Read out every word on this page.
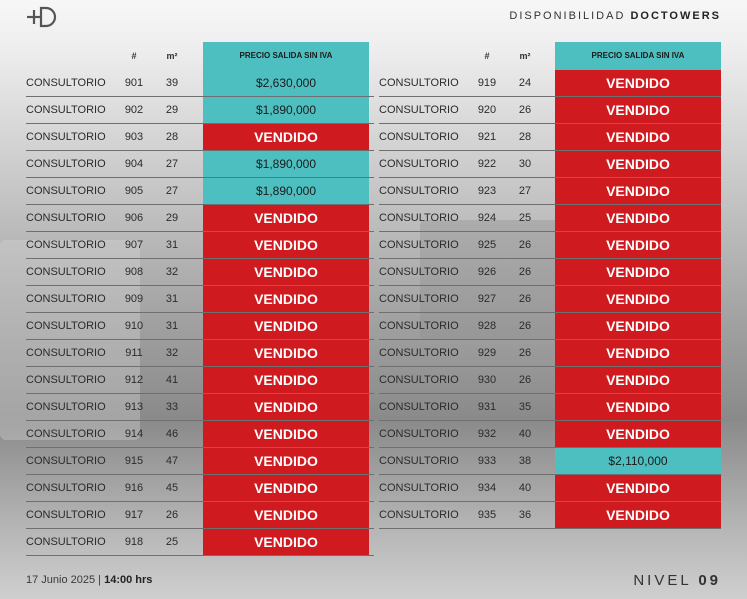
DISPONIBILIDAD DOCTOWERS
#	m²	PRECIO SALIDA SIN IVA
CONSULTORIO	901	39	$2,630,000
CONSULTORIO	902	29	$1,890,000
CONSULTORIO	903	28	VENDIDO
CONSULTORIO	904	27	$1,890,000
CONSULTORIO	905	27	$1,890,000
CONSULTORIO	906	29	VENDIDO
CONSULTORIO	907	31	VENDIDO
CONSULTORIO	908	32	VENDIDO
CONSULTORIO	909	31	VENDIDO
CONSULTORIO	910	31	VENDIDO
CONSULTORIO	911	32	VENDIDO
CONSULTORIO	912	41	VENDIDO
CONSULTORIO	913	33	VENDIDO
CONSULTORIO	914	46	VENDIDO
CONSULTORIO	915	47	VENDIDO
CONSULTORIO	916	45	VENDIDO
CONSULTORIO	917	26	VENDIDO
CONSULTORIO	918	25	VENDIDO
#	m²	PRECIO SALIDA SIN IVA
CONSULTORIO	919	24	VENDIDO
CONSULTORIO	920	26	VENDIDO
CONSULTORIO	921	28	VENDIDO
CONSULTORIO	922	30	VENDIDO
CONSULTORIO	923	27	VENDIDO
CONSULTORIO	924	25	VENDIDO
CONSULTORIO	925	26	VENDIDO
CONSULTORIO	926	26	VENDIDO
CONSULTORIO	927	26	VENDIDO
CONSULTORIO	928	26	VENDIDO
CONSULTORIO	929	26	VENDIDO
CONSULTORIO	930	26	VENDIDO
CONSULTORIO	931	35	VENDIDO
CONSULTORIO	932	40	VENDIDO
CONSULTORIO	933	38	$2,110,000
CONSULTORIO	934	40	VENDIDO
CONSULTORIO	935	36	VENDIDO
17 Junio 2025 | 14:00 hrs	NIVEL 09
